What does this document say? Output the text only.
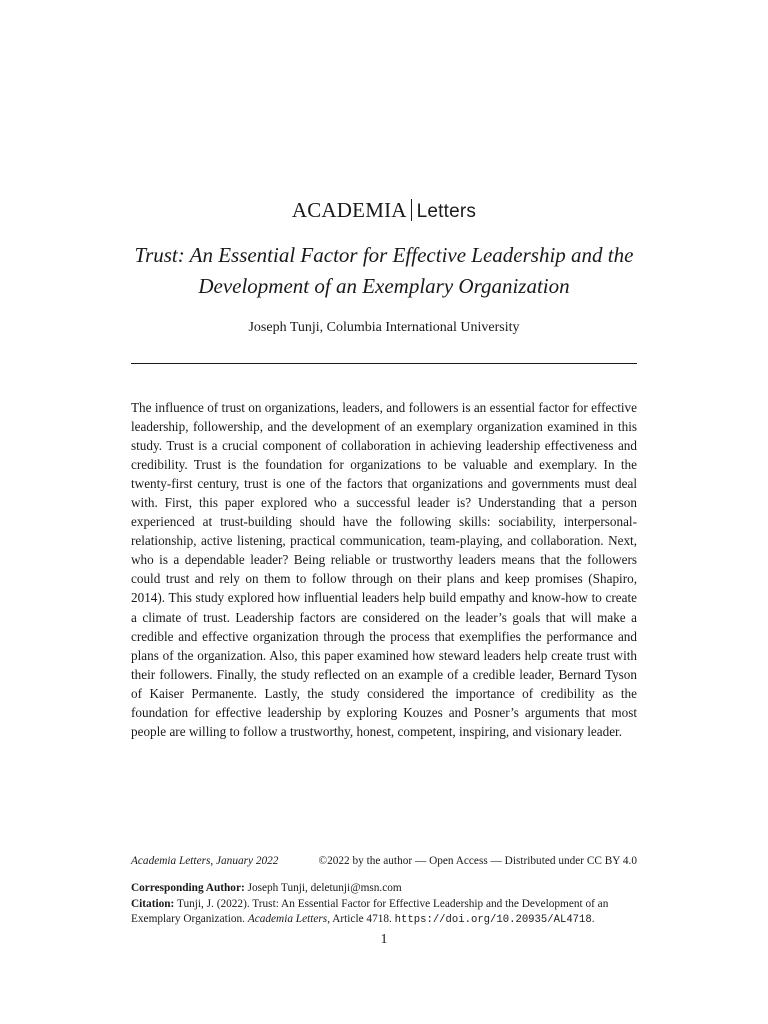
ACADEMIA Letters
Trust: An Essential Factor for Effective Leadership and the Development of an Exemplary Organization
Joseph Tunji, Columbia International University
The influence of trust on organizations, leaders, and followers is an essential factor for effective leadership, followership, and the development of an exemplary organization examined in this study. Trust is a crucial component of collaboration in achieving leadership effectiveness and credibility. Trust is the foundation for organizations to be valuable and exemplary. In the twenty-first century, trust is one of the factors that organizations and governments must deal with. First, this paper explored who a successful leader is? Understanding that a person experienced at trust-building should have the following skills: sociability, interpersonal-relationship, active listening, practical communication, team-playing, and collaboration. Next, who is a dependable leader? Being reliable or trustworthy leaders means that the followers could trust and rely on them to follow through on their plans and keep promises (Shapiro, 2014). This study explored how influential leaders help build empathy and know-how to create a climate of trust. Leadership factors are considered on the leader’s goals that will make a credible and effective organization through the process that exemplifies the performance and plans of the organization. Also, this paper examined how steward leaders help create trust with their followers. Finally, the study reflected on an example of a credible leader, Bernard Tyson of Kaiser Permanente. Lastly, the study considered the importance of credibility as the foundation for effective leadership by exploring Kouzes and Posner’s arguments that most people are willing to follow a trustworthy, honest, competent, inspiring, and visionary leader.
Academia Letters, January 2022	©2022 by the author — Open Access — Distributed under CC BY 4.0
Corresponding Author: Joseph Tunji, deletunji@msn.com
Citation: Tunji, J. (2022). Trust: An Essential Factor for Effective Leadership and the Development of an Exemplary Organization. Academia Letters, Article 4718. https://doi.org/10.20935/AL4718.
1
